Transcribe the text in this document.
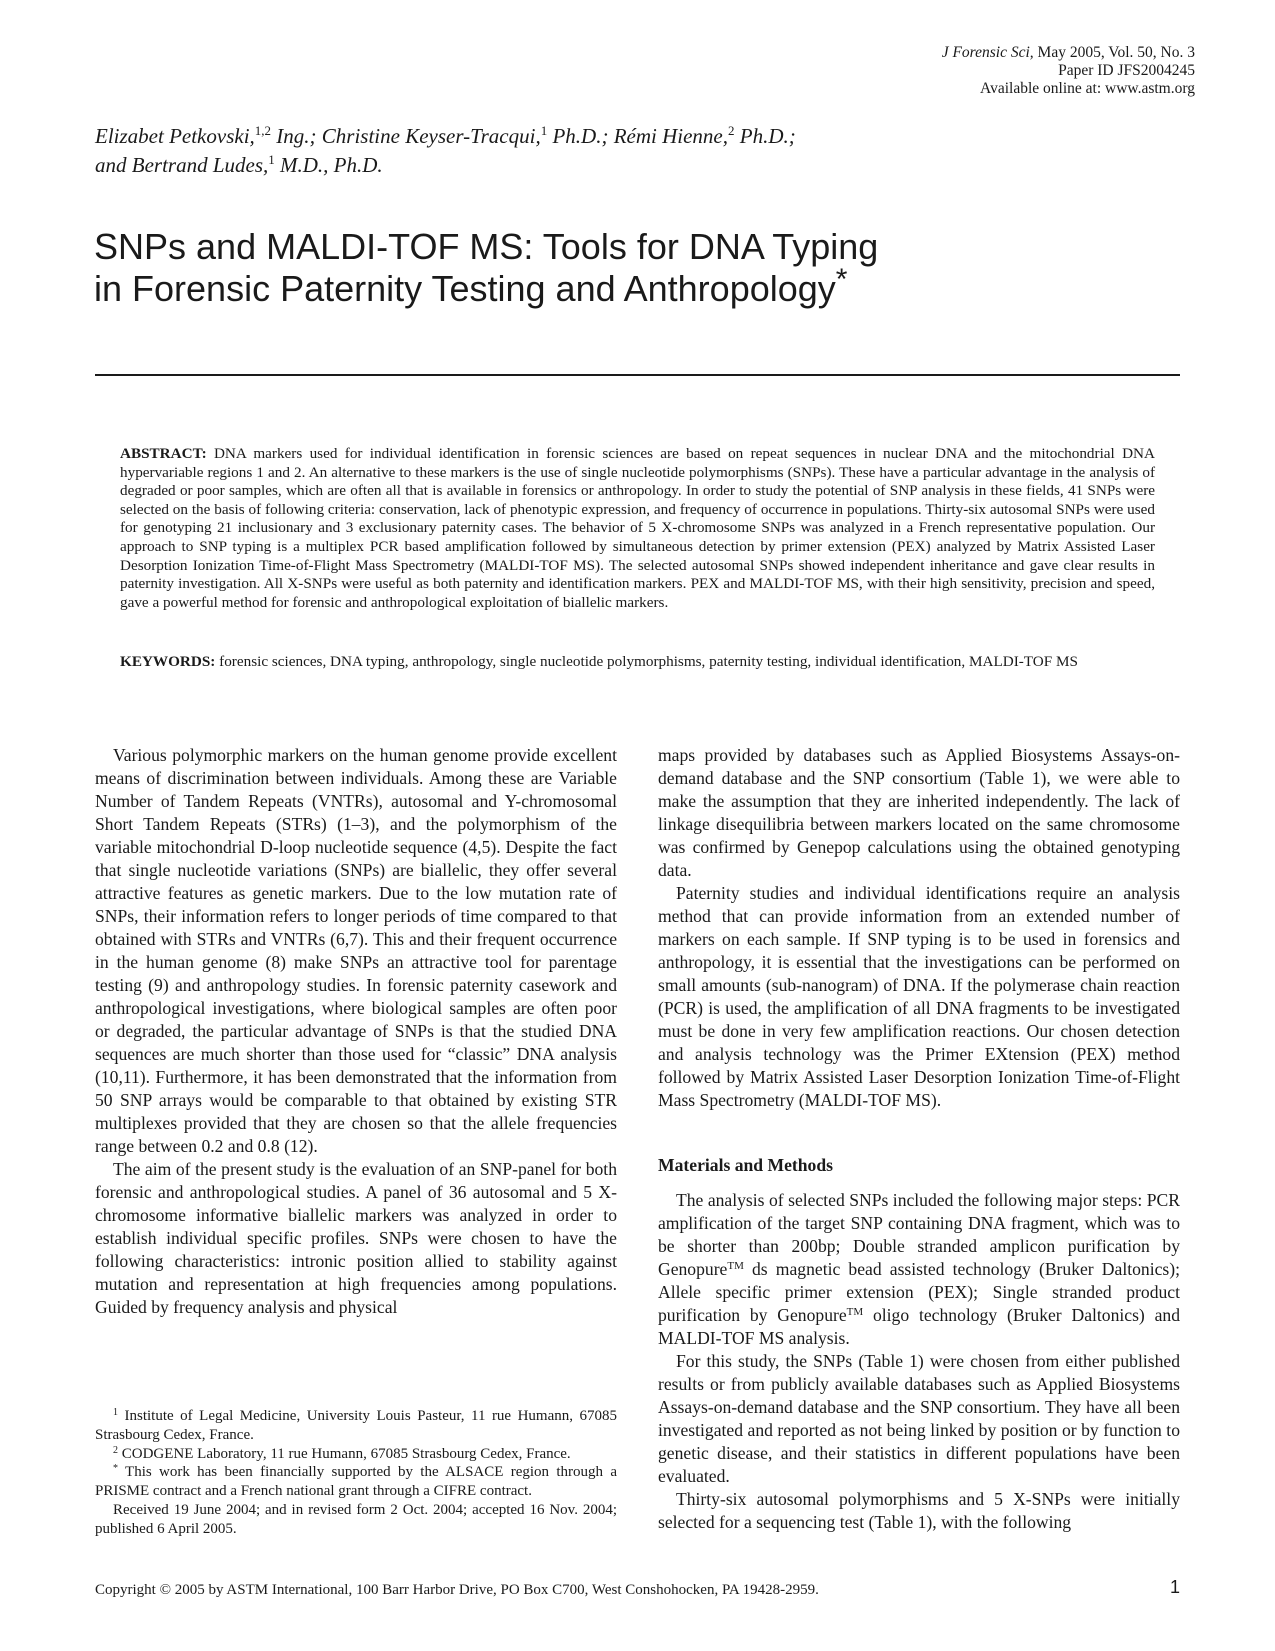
J Forensic Sci, May 2005, Vol. 50, No. 3
Paper ID JFS2004245
Available online at: www.astm.org
Elizabet Petkovski,$^{1,2}$ Ing.; Christine Keyser-Tracqui,$^1$ Ph.D.; Rémi Hienne,$^2$ Ph.D.;
and Bertrand Ludes,$^1$ M.D., Ph.D.
SNPs and MALDI-TOF MS: Tools for DNA Typing
in Forensic Paternity Testing and Anthropology*
ABSTRACT: DNA markers used for individual identification in forensic sciences are based on repeat sequences in nuclear DNA and the mitochondrial DNA hypervariable regions 1 and 2. An alternative to these markers is the use of single nucleotide polymorphisms (SNPs). These have a particular advantage in the analysis of degraded or poor samples, which are often all that is available in forensics or anthropology. In order to study the potential of SNP analysis in these fields, 41 SNPs were selected on the basis of following criteria: conservation, lack of phenotypic expression, and frequency of occurrence in populations. Thirty-six autosomal SNPs were used for genotyping 21 inclusionary and 3 exclusionary paternity cases. The behavior of 5 X-chromosome SNPs was analyzed in a French representative population. Our approach to SNP typing is a multiplex PCR based amplification followed by simultaneous detection by primer extension (PEX) analyzed by Matrix Assisted Laser Desorption Ionization Time-of-Flight Mass Spectrometry (MALDI-TOF MS). The selected autosomal SNPs showed independent inheritance and gave clear results in paternity investigation. All X-SNPs were useful as both paternity and identification markers. PEX and MALDI-TOF MS, with their high sensitivity, precision and speed, gave a powerful method for forensic and anthropological exploitation of biallelic markers.
KEYWORDS: forensic sciences, DNA typing, anthropology, single nucleotide polymorphisms, paternity testing, individual identification, MALDI-TOF MS

Various polymorphic markers on the human genome provide excellent means of discrimination between individuals. Among these are Variable Number of Tandem Repeats (VNTRs), autosomal and Y-chromosomal Short Tandem Repeats (STRs) (1–3), and the polymorphism of the variable mitochondrial D-loop nucleotide sequence (4,5). Despite the fact that single nucleotide variations (SNPs) are biallelic, they offer several attractive features as genetic markers. Due to the low mutation rate of SNPs, their information refers to longer periods of time compared to that obtained with STRs and VNTRs (6,7). This and their frequent occurrence in the human genome (8) make SNPs an attractive tool for parentage testing (9) and anthropology studies. In forensic paternity casework and anthropological investigations, where biological samples are often poor or degraded, the particular advantage of SNPs is that the studied DNA sequences are much shorter than those used for “classic” DNA analysis (10,11). Furthermore, it has been demonstrated that the information from 50 SNP arrays would be comparable to that obtained by existing STR multiplexes provided that they are chosen so that the allele frequencies range between 0.2 and 0.8 (12).

The aim of the present study is the evaluation of an SNP-panel for both forensic and anthropological studies. A panel of 36 autosomal and 5 X-chromosome informative biallelic markers was analyzed in order to establish individual specific profiles. SNPs were chosen to have the following characteristics: intronic position allied to stability against mutation and representation at high frequencies among populations. Guided by frequency analysis and physical

maps provided by databases such as Applied Biosystems Assays-on-demand database and the SNP consortium (Table 1), we were able to make the assumption that they are inherited independently. The lack of linkage disequilibria between markers located on the same chromosome was confirmed by Genepop calculations using the obtained genotyping data.

Paternity studies and individual identifications require an analysis method that can provide information from an extended number of markers on each sample. If SNP typing is to be used in forensics and anthropology, it is essential that the investigations can be performed on small amounts (sub-nanogram) of DNA. If the polymerase chain reaction (PCR) is used, the amplification of all DNA fragments to be investigated must be done in very few amplification reactions. Our chosen detection and analysis technology was the Primer EXtension (PEX) method followed by Matrix Assisted Laser Desorption Ionization Time-of-Flight Mass Spectrometry (MALDI-TOF MS).

Materials and Methods

The analysis of selected SNPs included the following major steps: PCR amplification of the target SNP containing DNA fragment, which was to be shorter than 200bp; Double stranded amplicon purification by Genopure™ ds magnetic bead assisted technology (Bruker Daltonics); Allele specific primer extension (PEX); Single stranded product purification by Genopure™ oligo technology (Bruker Daltonics) and MALDI-TOF MS analysis.

For this study, the SNPs (Table 1) were chosen from either published results or from publicly available databases such as Applied Biosystems Assays-on-demand database and the SNP consortium. They have all been investigated and reported as not being linked by position or by function to genetic disease, and their statistics in different populations have been evaluated.

Thirty-six autosomal polymorphisms and 5 X-SNPs were initially selected for a sequencing test (Table 1), with the following

$^1$ Institute of Legal Medicine, University Louis Pasteur, 11 rue Humann, 67085 Strasbourg Cedex, France.

$^2$ CODGENE Laboratory, 11 rue Humann, 67085 Strasbourg Cedex, France.

* This work has been financially supported by the ALSACE region through a PRISME contract and a French national grant through a CIFRE contract.

Received 19 June 2004; and in revised form 2 Oct. 2004; accepted 16 Nov. 2004; published 6 April 2005.

Copyright © 2005 by ASTM International, 100 Barr Harbor Drive, PO Box C700, West Conshohocken, PA 19428-2959.	1
